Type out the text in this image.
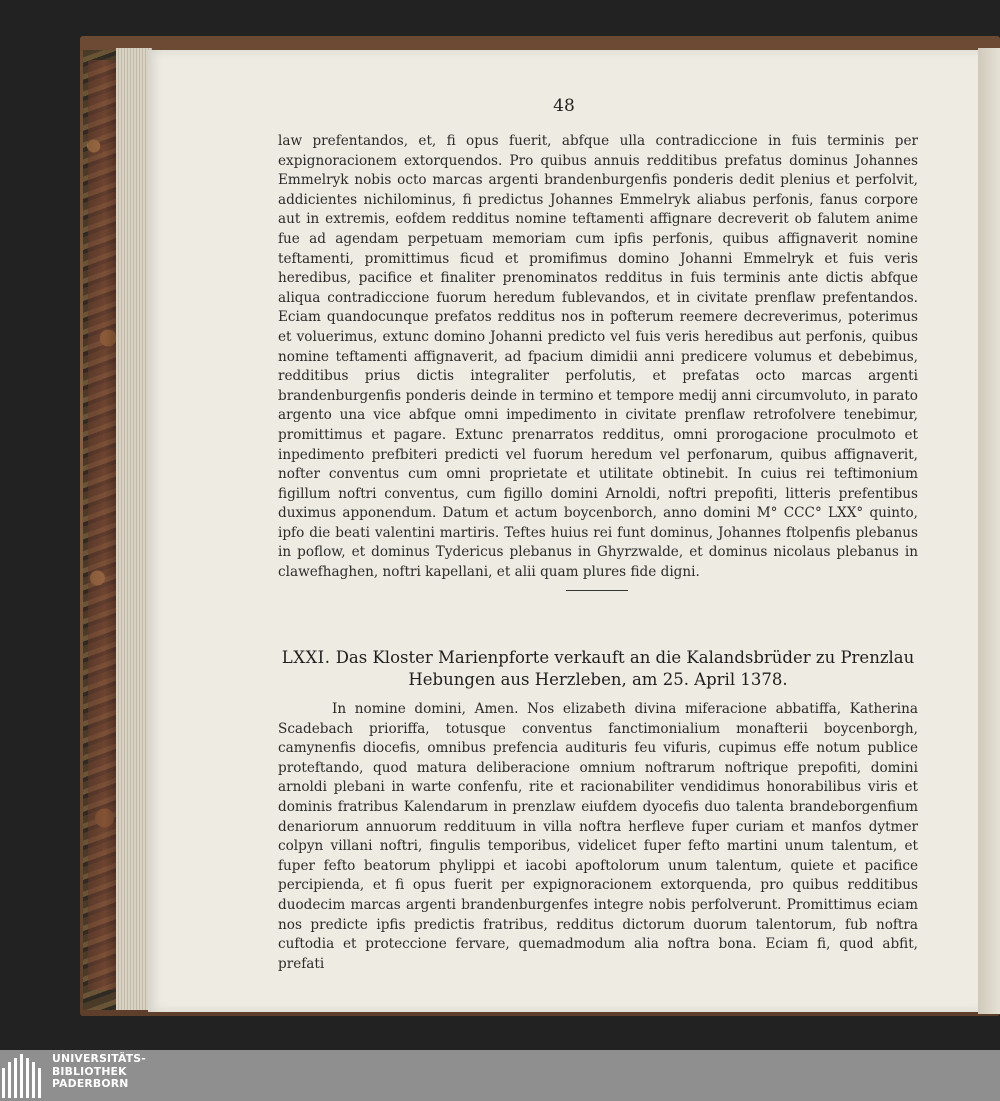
48

law prefentandos, et, fi opus fuerit, abfque ulla contradiccione in fuis terminis per expignoracionem extorquendos. Pro quibus annuis redditibus prefatus dominus Johannes Emmelryk nobis octo marcas argenti brandenburgenfis ponderis dedit plenius et perfolvit, addicientes nichilominus, fi predictus Johannes Emmelryk aliabus perfonis, fanus corpore aut in extremis, eofdem redditus nomine teftamenti affignare decreverit ob falutem anime fue ad agendam perpetuam memoriam cum ipfis perfonis, quibus affignaverit nomine teftamenti, promittimus ficud et promifimus domino Johanni Emmelryk et fuis veris heredibus, pacifice et finaliter prenominatos redditus in fuis terminis ante dictis abfque aliqua contradiccione fuorum heredum fublevandos, et in civitate prenflaw prefentandos. Eciam quandocunque prefatos redditus nos in pofterum reemere decreverimus, poterimus et voluerimus, extunc domino Johanni predicto vel fuis veris heredibus aut perfonis, quibus nomine teftamenti affignaverit, ad fpacium dimidii anni predicere volumus et debebimus, redditibus prius dictis integraliter perfolutis, et prefatas octo marcas argenti brandenburgenfis ponderis deinde in termino et tempore medij anni circumvoluto, in parato argento una vice abfque omni impedimento in civitate prenflaw retrofolvere tenebimur, promittimus et pagare. Extunc prenarratos redditus, omni prorogacione proculmoto et inpedimento prefbiteri predicti vel fuorum heredum vel perfonarum, quibus affignaverit, nofter conventus cum omni proprietate et utilitate obtinebit. In cuius rei teftimonium figillum noftri conventus, cum figillo domini Arnoldi, noftri prepofiti, litteris prefentibus duximus apponendum. Datum et actum boycenborch, anno domini M° CCC° LXX° quinto, ipfo die beati valentini martiris. Teftes huius rei funt dominus, Johannes ftolpenfis plebanus in poflow, et dominus Tydericus plebanus in Ghyrzwalde, et dominus nicolaus plebanus in clawefhaghen, noftri kapellani, et alii quam plures fide digni.

LXXI. Das Kloster Marienpforte verkauft an die Kalandsbrüder zu Prenzlau Hebungen aus Herzleben, am 25. April 1378.

In nomine domini, Amen. Nos elizabeth divina miferacione abbatiffa, Katherina Scadebach prioriffa, totusque conventus fanctimonialium monafterii boycenborgh, camynenfis diocefis, omnibus prefencia audituris feu vifuris, cupimus effe notum publice proteftando, quod matura deliberacione omnium noftrarum noftrique prepofiti, domini arnoldi plebani in warte confenfu, rite et racionabiliter vendidimus honorabilibus viris et dominis fratribus Kalendarum in prenzlaw eiufdem dyocefis duo talenta brandeborgenfium denariorum annuorum reddituum in villa noftra herfleve fuper curiam et manfos dytmer colpyn villani noftri, fingulis temporibus, videlicet fuper fefto martini unum talentum, et fuper fefto beatorum phylippi et iacobi apoftolorum unum talentum, quiete et pacifice percipienda, et fi opus fuerit per expignoracionem extorquenda, pro quibus redditibus duodecim marcas argenti brandenburgenfes integre nobis perfolverunt. Promittimus eciam nos predicte ipfis predictis fratribus, redditus dictorum duorum talentorum, fub noftra cuftodia et proteccione fervare, quemadmodum alia noftra bona. Eciam fi, quod abfit, prefati

UNIVERSITÄTS-
BIBLIOTHEK
PADERBORN
